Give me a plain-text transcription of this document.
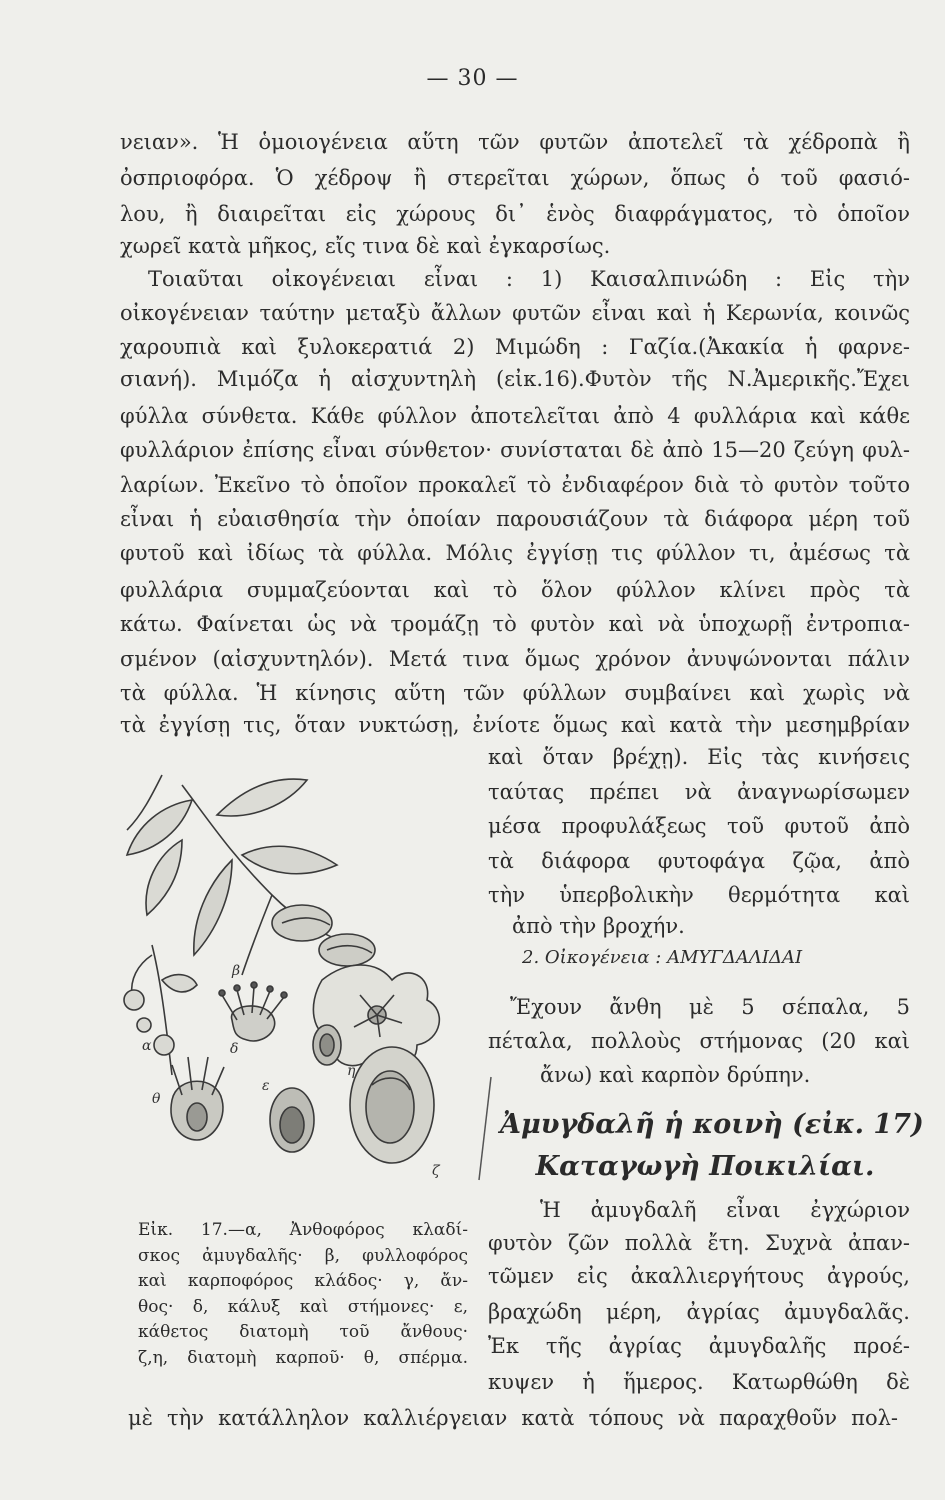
— 30 —
νειαν». Ἡ ὁμοιογένεια αὕτη τῶν φυτῶν ἀποτελεῖ τὰ χέδροπὰ ἢ
ὀσπριοφόρα. Ὁ χέδροψ ἢ στερεῖται χώρων, ὅπως ὁ τοῦ φασιό-
λου, ἢ διαιρεῖται εἰς χώρους δι᾽ ἑνὸς διαφράγματος, τὸ ὁποῖον
χωρεῖ κατὰ μῆκος, εἴς τινα δὲ καὶ ἐγκαρσίως.
Τοιαῦται οἰκογένειαι εἶναι : 1) Καισαλπινώδη : Εἰς τὴν
οἰκογένειαν ταύτην μεταξὺ ἄλλων φυτῶν εἶναι καὶ ἡ Κερωνία, κοινῶς
χαρουπιὰ καὶ ξυλοκερατιά 2) Μιμώδη : Γαζία.(Ἀκακία ἡ φαρνε-
σιανή). Μιμόζα ἡ αἰσχυντηλὴ (εἰκ.16).Φυτὸν τῆς Ν.Ἀμερικῆς.Ἔχει
φύλλα σύνθετα. Κάθε φύλλον ἀποτελεῖται ἀπὸ 4 φυλλάρια καὶ κάθε
φυλλάριον ἐπίσης εἶναι σύνθετον· συνίσταται δὲ ἀπὸ 15—20 ζεύγη φυλ-
λαρίων. Ἐκεῖνο τὸ ὁποῖον προκαλεῖ τὸ ἐνδιαφέρον διὰ τὸ φυτὸν τοῦτο
εἶναι ἡ εὐαισθησία τὴν ὁποίαν παρουσιάζουν τὰ διάφορα μέρη τοῦ
φυτοῦ καὶ ἰδίως τὰ φύλλα. Μόλις ἐγγίσῃ τις φύλλον τι, ἀμέσως τὰ
φυλλάρια συμμαζεύονται καὶ τὸ ὅλον φύλλον κλίνει πρὸς τὰ
κάτω. Φαίνεται ὡς νὰ τρομάζῃ τὸ φυτὸν καὶ νὰ ὑποχωρῇ ἐντροπια-
σμένον (αἰσχυντηλόν). Μετά τινα ὅμως χρόνον ἀνυψώνονται πάλιν
τὰ φύλλα. Ἡ κίνησις αὕτη τῶν φύλλων συμβαίνει καὶ χωρὶς νὰ
τὰ ἐγγίσῃ τις, ὅταν νυκτώσῃ, ἐνίοτε ὅμως καὶ κατὰ τὴν μεσημβρίαν
καὶ ὅταν βρέχῃ). Εἰς τὰς κινήσεις
ταύτας πρέπει νὰ ἀναγνωρίσωμεν
μέσα προφυλάξεως τοῦ φυτοῦ ἀπὸ
τὰ διάφορα φυτοφάγα ζῷα, ἀπὸ
τὴν ὑπερβολικὴν θερμότητα καὶ
ἀπὸ τὴν βροχήν.
2. Οἰκογένεια : ΑΜΥΓΔΑΛΙΔΑΙ
Ἔχουν ἄνθη μὲ 5 σέπαλα, 5
πέταλα, πολλοὺς στήμονας (20 καὶ
ἄνω) καὶ καρπὸν δρύπην.
Ἀμυγδαλῆ ἡ κοινὴ (εἰκ. 17)
Καταγωγὴ Ποικιλίαι.
Ἡ ἀμυγδαλῆ εἶναι ἐγχώριον
φυτὸν ζῶν πολλὰ ἔτη. Συχνὰ ἀπαν-
τῶμεν εἰς ἀκαλλιεργήτους ἀγρούς,
βραχώδη μέρη, ἀγρίας ἀμυγδαλᾶς.
Ἐκ τῆς ἀγρίας ἀμυγδαλῆς προέ-
κυψεν ἡ ἥμερος. Κατωρθώθη δὲ
μὲ τὴν κατάλληλον καλλιέργειαν κατὰ τόπους νὰ παραχθοῦν πολ-
Εἰκ. 17.—α, Ἀνθοφόρος κλαδί-
σκος ἀμυγδαλῆς· β, φυλλοφόρος
καὶ καρποφόρος κλάδος· γ, ἄν-
θος· δ, κάλυξ καὶ στήμονες· ε,
κάθετος διατομὴ τοῦ ἄνθους·
ζ,η, διατομὴ καρποῦ· θ, σπέρμα.
β
α	δ
ε
θ
ζ
η
